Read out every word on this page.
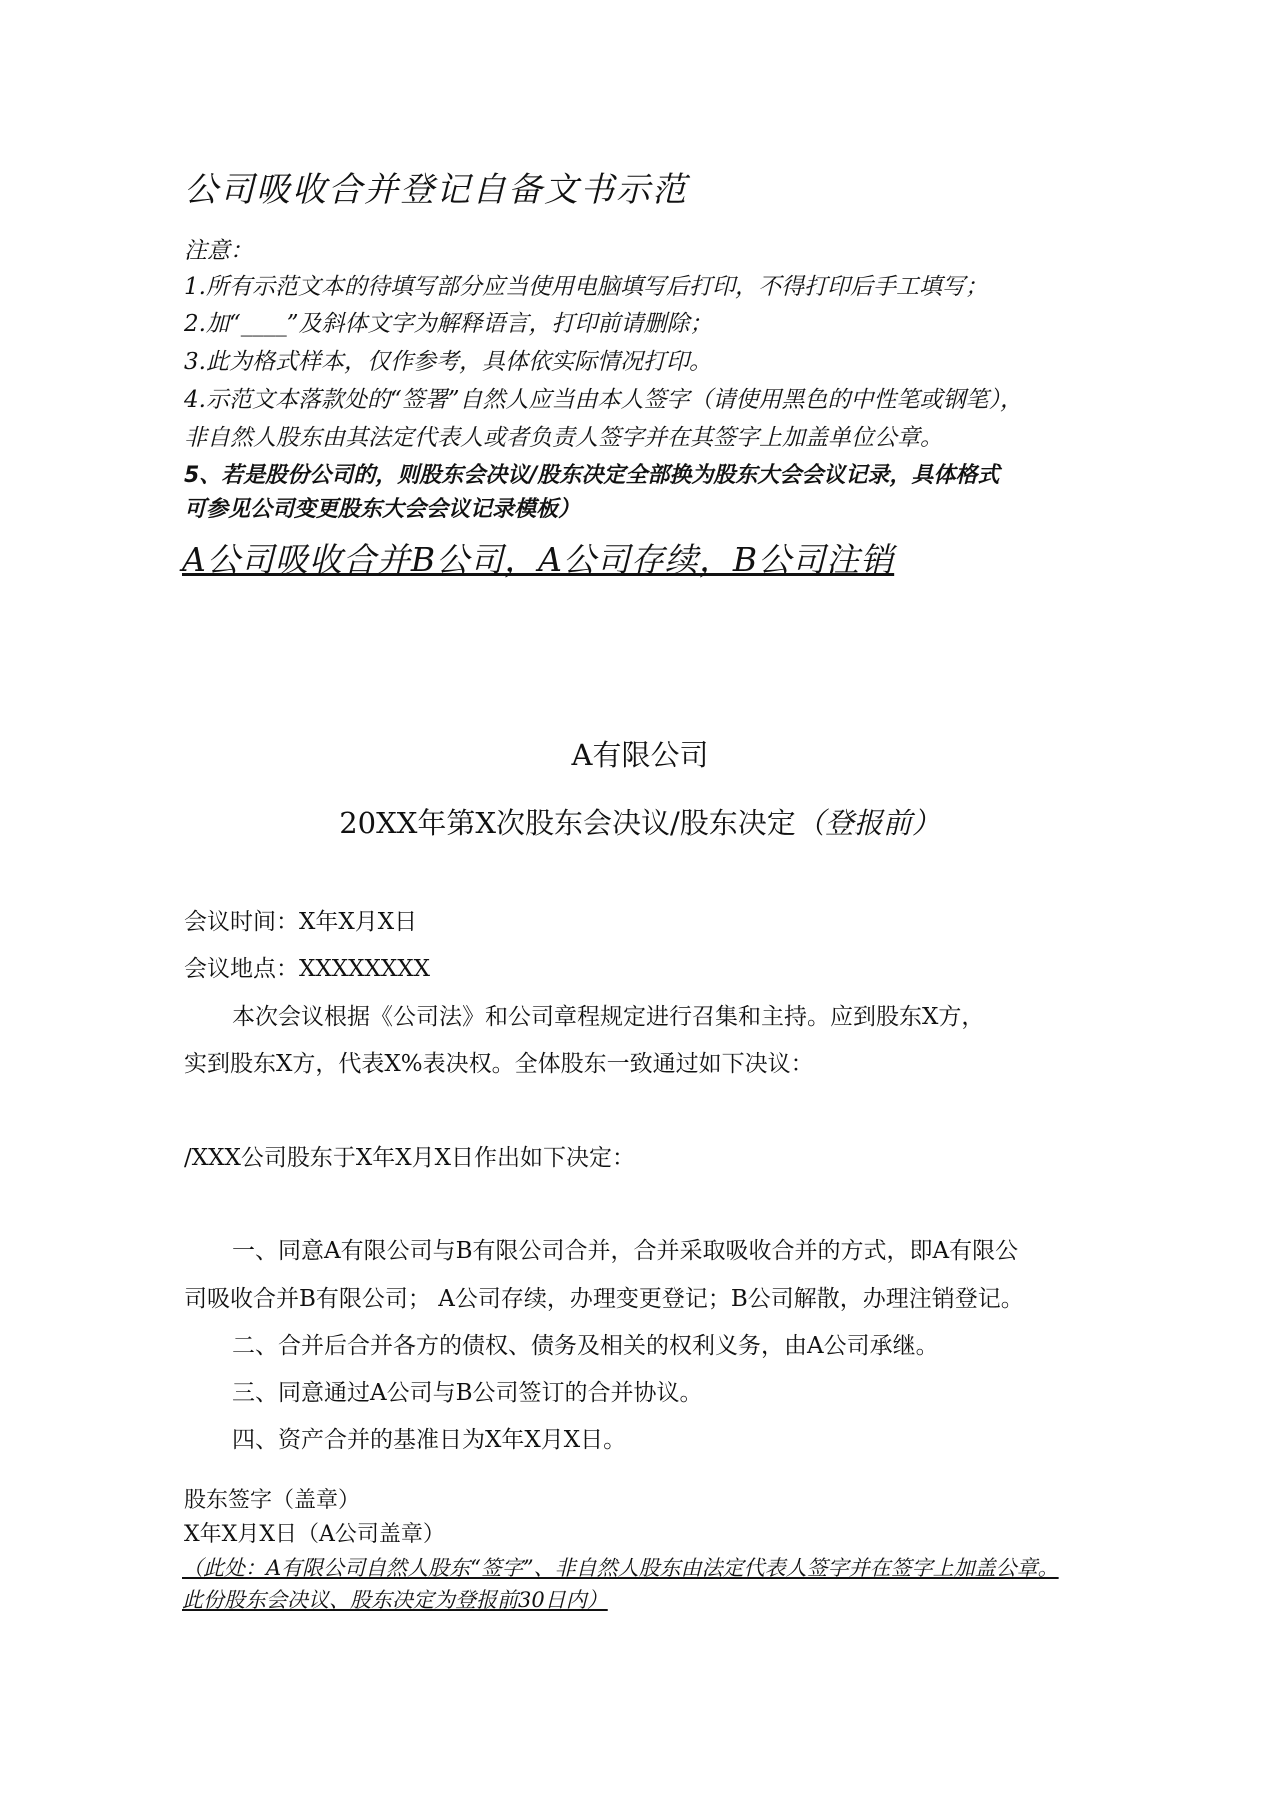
公司吸收合并登记自备文书示范
注意：
1.所有示范文本的待填写部分应当使用电脑填写后打印，不得打印后手工填写；
2.加“____”及斜体文字为解释语言，打印前请删除；
3.此为格式样本，仅作参考，具体依实际情况打印。
4.示范文本落款处的“签署”自然人应当由本人签字（请使用黑色的中性笔或钢笔），
非自然人股东由其法定代表人或者负责人签字并在其签字上加盖单位公章。
5、若是股份公司的，则股东会决议/股东决定全部换为股东大会会议记录，具体格式
可参见公司变更股东大会会议记录模板）
A公司吸收合并B公司，A公司存续，B公司注销
A有限公司
20XX年第X次股东会决议/股东决定（登报前）
会议时间：X年X月X日
会议地点：XXXXXXXX
本次会议根据《公司法》和公司章程规定进行召集和主持。应到股东X方，
实到股东X方，代表X%表决权。全体股东一致通过如下决议：
/XXX公司股东于X年X月X日作出如下决定：
一、同意A有限公司与B有限公司合并，合并采取吸收合并的方式，即A有限公
司吸收合并B有限公司； A公司存续，办理变更登记；B公司解散，办理注销登记。
二、合并后合并各方的债权、债务及相关的权利义务，由A公司承继。
三、同意通过A公司与B公司签订的合并协议。
四、资产合并的基准日为X年X月X日。
股东签字（盖章）
X年X月X日（A公司盖章）
（此处：A有限公司自然人股东“签字”、非自然人股东由法定代表人签字并在签字上加盖公章。
此份股东会决议、股东决定为登报前30日内）
